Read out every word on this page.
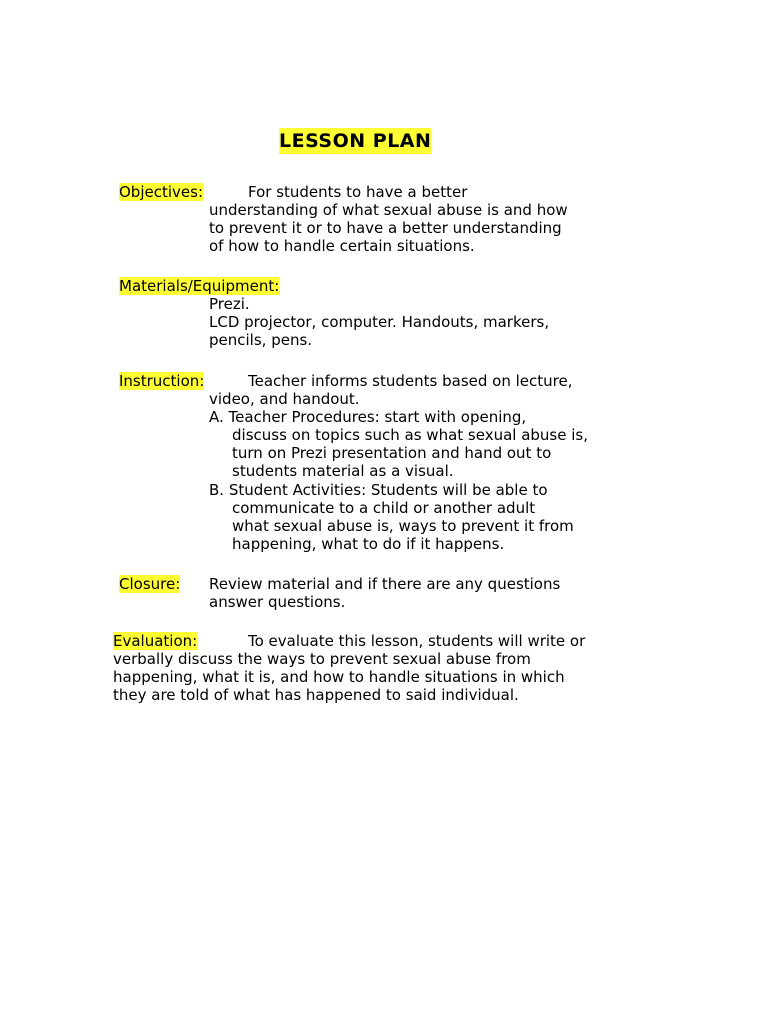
LESSON PLAN
Objectives:	For students to have a better
understanding of what sexual abuse is and how
to prevent it or to have a better understanding
of how to handle certain situations.
Materials/Equipment:
Prezi.
LCD projector, computer. Handouts, markers,
pencils, pens.
Instruction:	Teacher informs students based on lecture,
video, and handout.
A. Teacher Procedures: start with opening,
discuss on topics such as what sexual abuse is,
turn on Prezi presentation and hand out to
students material as a visual.
B. Student Activities: Students will be able to
communicate to a child or another adult
what sexual abuse is, ways to prevent it from
happening, what to do if it happens.
Closure: Review material and if there are any questions
answer questions.
Evaluation:	To evaluate this lesson, students will write or
verbally discuss the ways to prevent sexual abuse from
happening, what it is, and how to handle situations in which
they are told of what has happened to said individual.
